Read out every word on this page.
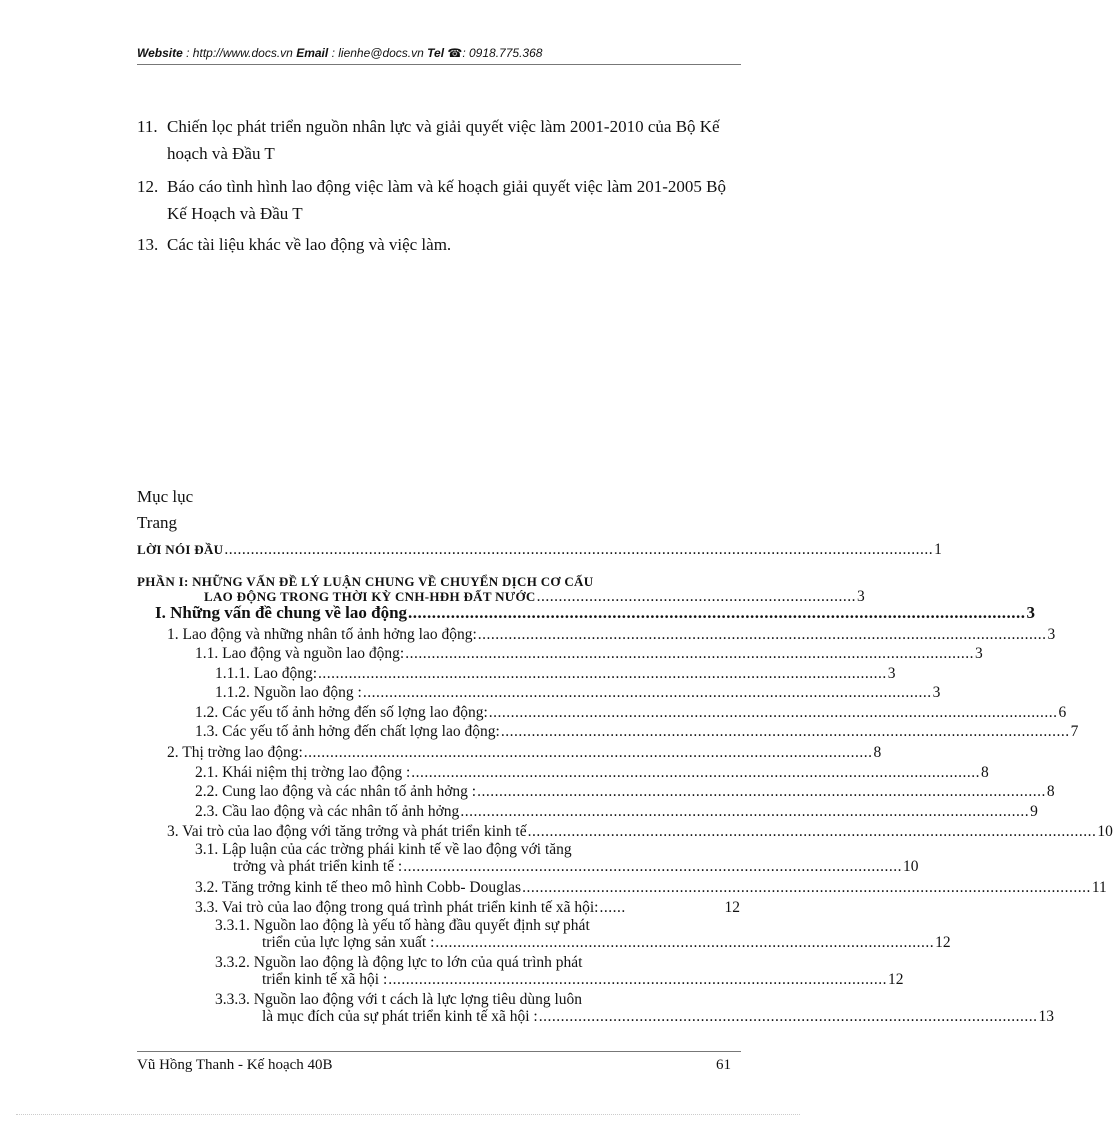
Website : http://www.docs.vn Email : lienhe@docs.vn Tel ☎: 0918.775.368
11. Chiến lọc phát triển nguồn nhân lực và giải quyết việc làm 2001-2010 của Bộ Kế hoạch và Đầu T
12. Báo cáo tình hình lao động việc làm và kế hoạch giải quyết việc làm 201-2005 Bộ Kế Hoạch và Đầu T
13. Các tài liệu khác về lao động và việc làm.
Mục lục
Trang
LỜI NÓI ĐẦU .................................................................................................................................................................. 1
PHẦN I: NHỮNG VẤN ĐỀ LÝ LUẬN CHUNG VỀ CHUYỂN DỊCH CƠ CẤU
LAO ĐỘNG TRONG THỜI KỲ CNH-HĐH ĐẤT NƯỚC ......................................................................... 3
I. Những vấn đề chung về lao động .................................................................................................................................. 3
1. Lao động và những nhân tố ảnh hởng lao động: .................................................................................................................................. 3
1.1. Lao động và nguồn lao động: .................................................................................................................................. 3
1.1.1. Lao động: .................................................................................................................................. 3
1.1.2. Nguồn lao động : .................................................................................................................................. 3
1.2. Các yếu tố ảnh hởng đến số lợng lao động: .................................................................................................................................. 6
1.3. Các yếu tố ảnh hởng đến chất lợng lao động: .................................................................................................................................. 7
2. Thị trờng lao động: .................................................................................................................................. 8
2.1. Khái niệm thị trờng lao động : .................................................................................................................................. 8
2.2. Cung lao động và các nhân tố ảnh hởng : .................................................................................................................................. 8
2.3. Cầu lao động và các nhân tố ảnh hởng .................................................................................................................................. 9
3. Vai trò của lao động với tăng trởng và phát triển kinh tế .................................................................................................................................. 10
3.1. Lập luận của các trờng phái kinh tế về lao động với tăng
trởng và phát triển kinh tế : .................................................................................................................. 10
3.2. Tăng trởng kinh tế theo mô hình Cobb- Douglas .................................................................................................................................. 11
3.3. Vai trò của lao động trong quá trình phát triển kinh tế xã hội: ......	12
3.3.1. Nguồn lao động là yếu tố hàng đầu quyết định sự phát
triển của lực lợng sản xuất : .................................................................................................................. 12
3.3.2. Nguồn lao động là động lực to lớn của quá trình phát
triển kinh tế xã hội : .................................................................................................................. 12
3.3.3. Nguồn lao động với t cách là lực lợng tiêu dùng luôn
là mục đích của sự phát triển kinh tế xã hội : .................................................................................................................. 13
Vũ Hồng Thanh - Kế hoạch 40B	61
